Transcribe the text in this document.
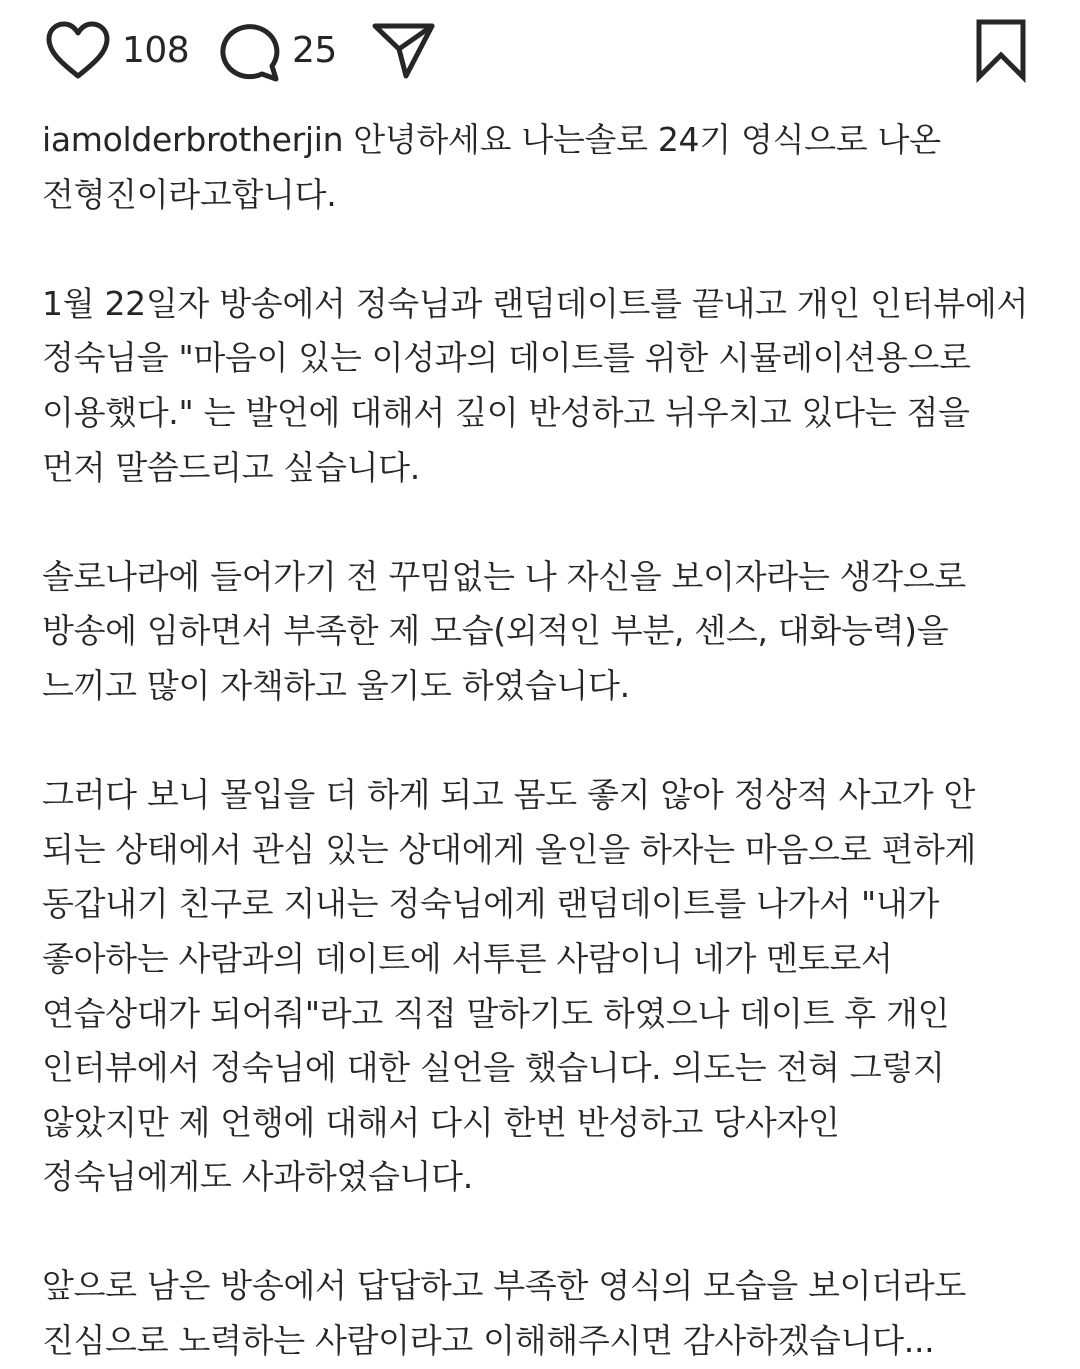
108	25

iamolderbrotherjin 안녕하세요 나는솔로 24기 영식으로 나온
전형진이라고합니다.

1월 22일자 방송에서 정숙님과 랜덤데이트를 끝내고 개인 인터뷰에서
정숙님을 "마음이 있는 이성과의 데이트를 위한 시뮬레이션용으로
이용했다." 는 발언에 대해서 깊이 반성하고 뉘우치고 있다는 점을
먼저 말씀드리고 싶습니다.

솔로나라에 들어가기 전 꾸밈없는 나 자신을 보이자라는 생각으로
방송에 임하면서 부족한 제 모습(외적인 부분, 센스, 대화능력)을
느끼고 많이 자책하고 울기도 하였습니다.

그러다 보니 몰입을 더 하게 되고 몸도 좋지 않아 정상적 사고가 안
되는 상태에서 관심 있는 상대에게 올인을 하자는 마음으로 편하게
동갑내기 친구로 지내는 정숙님에게 랜덤데이트를 나가서 "내가
좋아하는 사람과의 데이트에 서투른 사람이니 네가 멘토로서
연습상대가 되어줘"라고 직접 말하기도 하였으나 데이트 후 개인
인터뷰에서 정숙님에 대한 실언을 했습니다. 의도는 전혀 그렇지
않았지만 제 언행에 대해서 다시 한번 반성하고 당사자인
정숙님에게도 사과하였습니다.

앞으로 남은 방송에서 답답하고 부족한 영식의 모습을 보이더라도
진심으로 노력하는 사람이라고 이해해주시면 감사하겠습니다...
